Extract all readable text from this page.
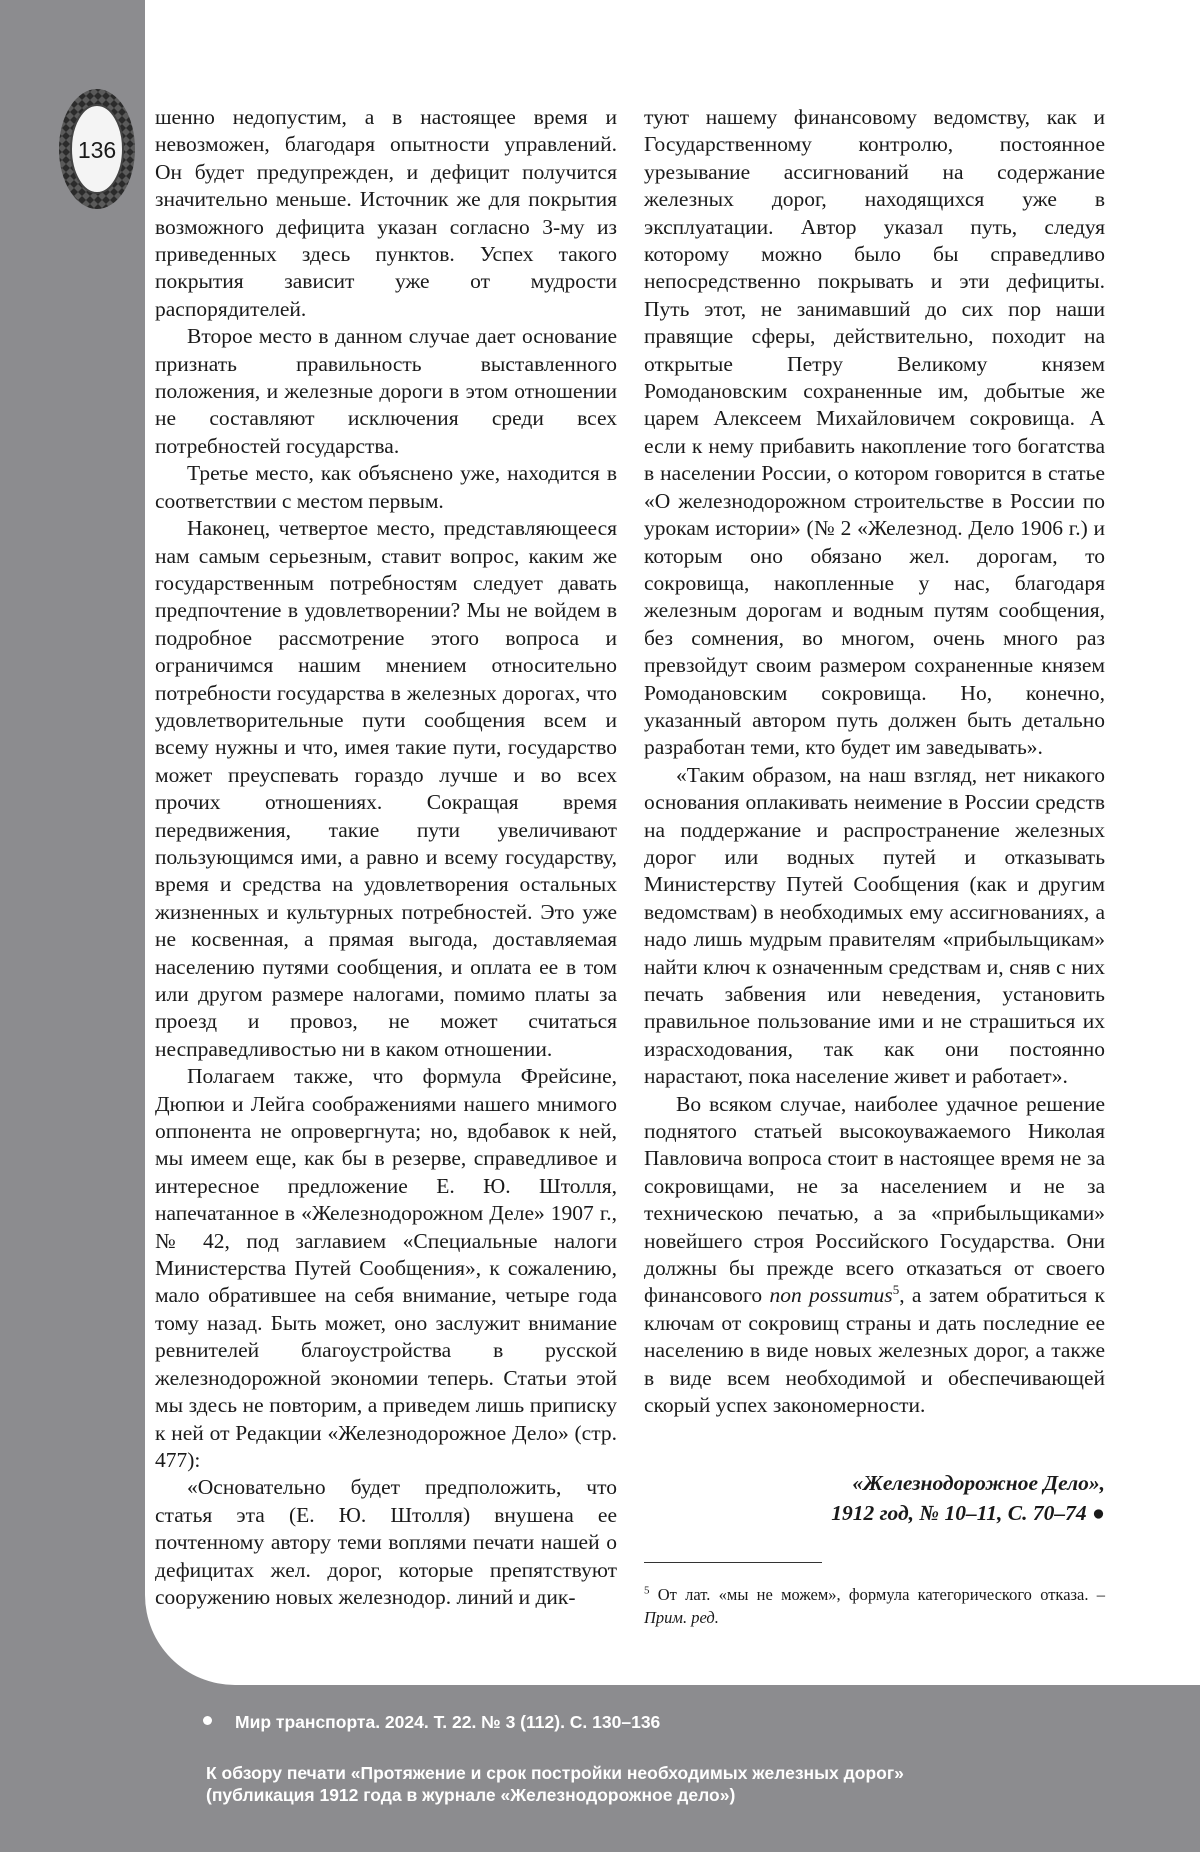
136

шенно недопустим, а в настоящее время и невозможен, благодаря опытности управлений. Он будет предупрежден, и дефицит получится значительно меньше. Источник же для покрытия возможного дефицита указан согласно 3-му из приведенных здесь пунктов. Успех такого покрытия зависит уже от мудрости распорядителей.

Второе место в данном случае дает основание признать правильность выставленного положения, и железные дороги в этом отношении не составляют исключения среди всех потребностей государства.

Третье место, как объяснено уже, находится в соответствии с местом первым.

Наконец, четвертое место, представляющееся нам самым серьезным, ставит вопрос, каким же государственным потребностям следует давать предпочтение в удовлетворении? Мы не войдем в подробное рассмотрение этого вопроса и ограничимся нашим мнением относительно потребности государства в железных дорогах, что удовлетворительные пути сообщения всем и всему нужны и что, имея такие пути, государство может преуспевать гораздо лучше и во всех прочих отношениях. Сокращая время передвижения, такие пути увеличивают пользующимся ими, а равно и всему государству, время и средства на удовлетворения остальных жизненных и культурных потребностей. Это уже не косвенная, а прямая выгода, доставляемая населению путями сообщения, и оплата ее в том или другом размере налогами, помимо платы за проезд и провоз, не может считаться несправедливостью ни в каком отношении.

Полагаем также, что формула Фрейсине, Дюпюи и Лейга соображениями нашего мнимого оппонента не опровергнута; но, вдобавок к ней, мы имеем еще, как бы в резерве, справедливое и интересное предложение Е. Ю. Штолля, напечатанное в «Железнодорожном Деле» 1907 г., № 42, под заглавием «Специальные налоги Министерства Путей Сообщения», к сожалению, мало обратившее на себя внимание, четыре года тому назад. Быть может, оно заслужит внимание ревнителей благоустройства в русской железнодорожной экономии теперь. Статьи этой мы здесь не повторим, а приведем лишь приписку к ней от Редакции «Железнодорожное Дело» (стр. 477):

«Основательно будет предположить, что статья эта (Е. Ю. Штолля) внушена ее почтенному автору теми воплями печати нашей о дефицитах жел. дорог, которые препятствуют сооружению новых железнодор. линий и дик-

туют нашему финансовому ведомству, как и Государственному контролю, постоянное урезывание ассигнований на содержание железных дорог, находящихся уже в эксплуатации. Автор указал путь, следуя которому можно было бы справедливо непосредственно покрывать и эти дефициты. Путь этот, не занимавший до сих пор наши правящие сферы, действительно, походит на открытые Петру Великому князем Ромодановским сохраненные им, добытые же царем Алексеем Михайловичем сокровища. А если к нему прибавить накопление того богатства в населении России, о котором говорится в статье «О железнодорожном строительстве в России по урокам истории» (№ 2 «Железнод. Дело 1906 г.) и которым оно обязано жел. дорогам, то сокровища, накопленные у нас, благодаря железным дорогам и водным путям сообщения, без сомнения, во многом, очень много раз превзойдут своим размером сохраненные князем Ромодановским сокровища. Но, конечно, указанный автором путь должен быть детально разработан теми, кто будет им заведывать».

«Таким образом, на наш взгляд, нет никакого основания оплакивать неимение в России средств на поддержание и распространение железных дорог или водных путей и отказывать Министерству Путей Сообщения (как и другим ведомствам) в необходимых ему ассигнованиях, а надо лишь мудрым правителям «прибыльщикам» найти ключ к означенным средствам и, сняв с них печать забвения или неведения, установить правильное пользование ими и не страшиться их израсходования, так как они постоянно нарастают, пока население живет и работает».

Во всяком случае, наиболее удачное решение поднятого статьей высокоуважаемого Николая Павловича вопроса стоит в настоящее время не за сокровищами, не за населением и не за техническою печатью, а за «прибыльщиками» новейшего строя Российского Государства. Они должны бы прежде всего отказаться от своего финансового non possumus$^5$, а затем обратиться к ключам от сокровищ страны и дать последние ее населению в виде новых железных дорог, а также в виде всем необходимой и обеспечивающей скорый успех закономерности.

«Железнодорожное Дело»,
1912 год, № 10–11, С. 70–74 ●

$^5$ От лат. «мы не можем», формула категорического отказа. – Прим. ред.

Мир транспорта. 2024. Т. 22. № 3 (112). С. 130–136
К обзору печати «Протяжение и срок постройки необходимых железных дорог»
(публикация 1912 года в журнале «Железнодорожное дело»)
